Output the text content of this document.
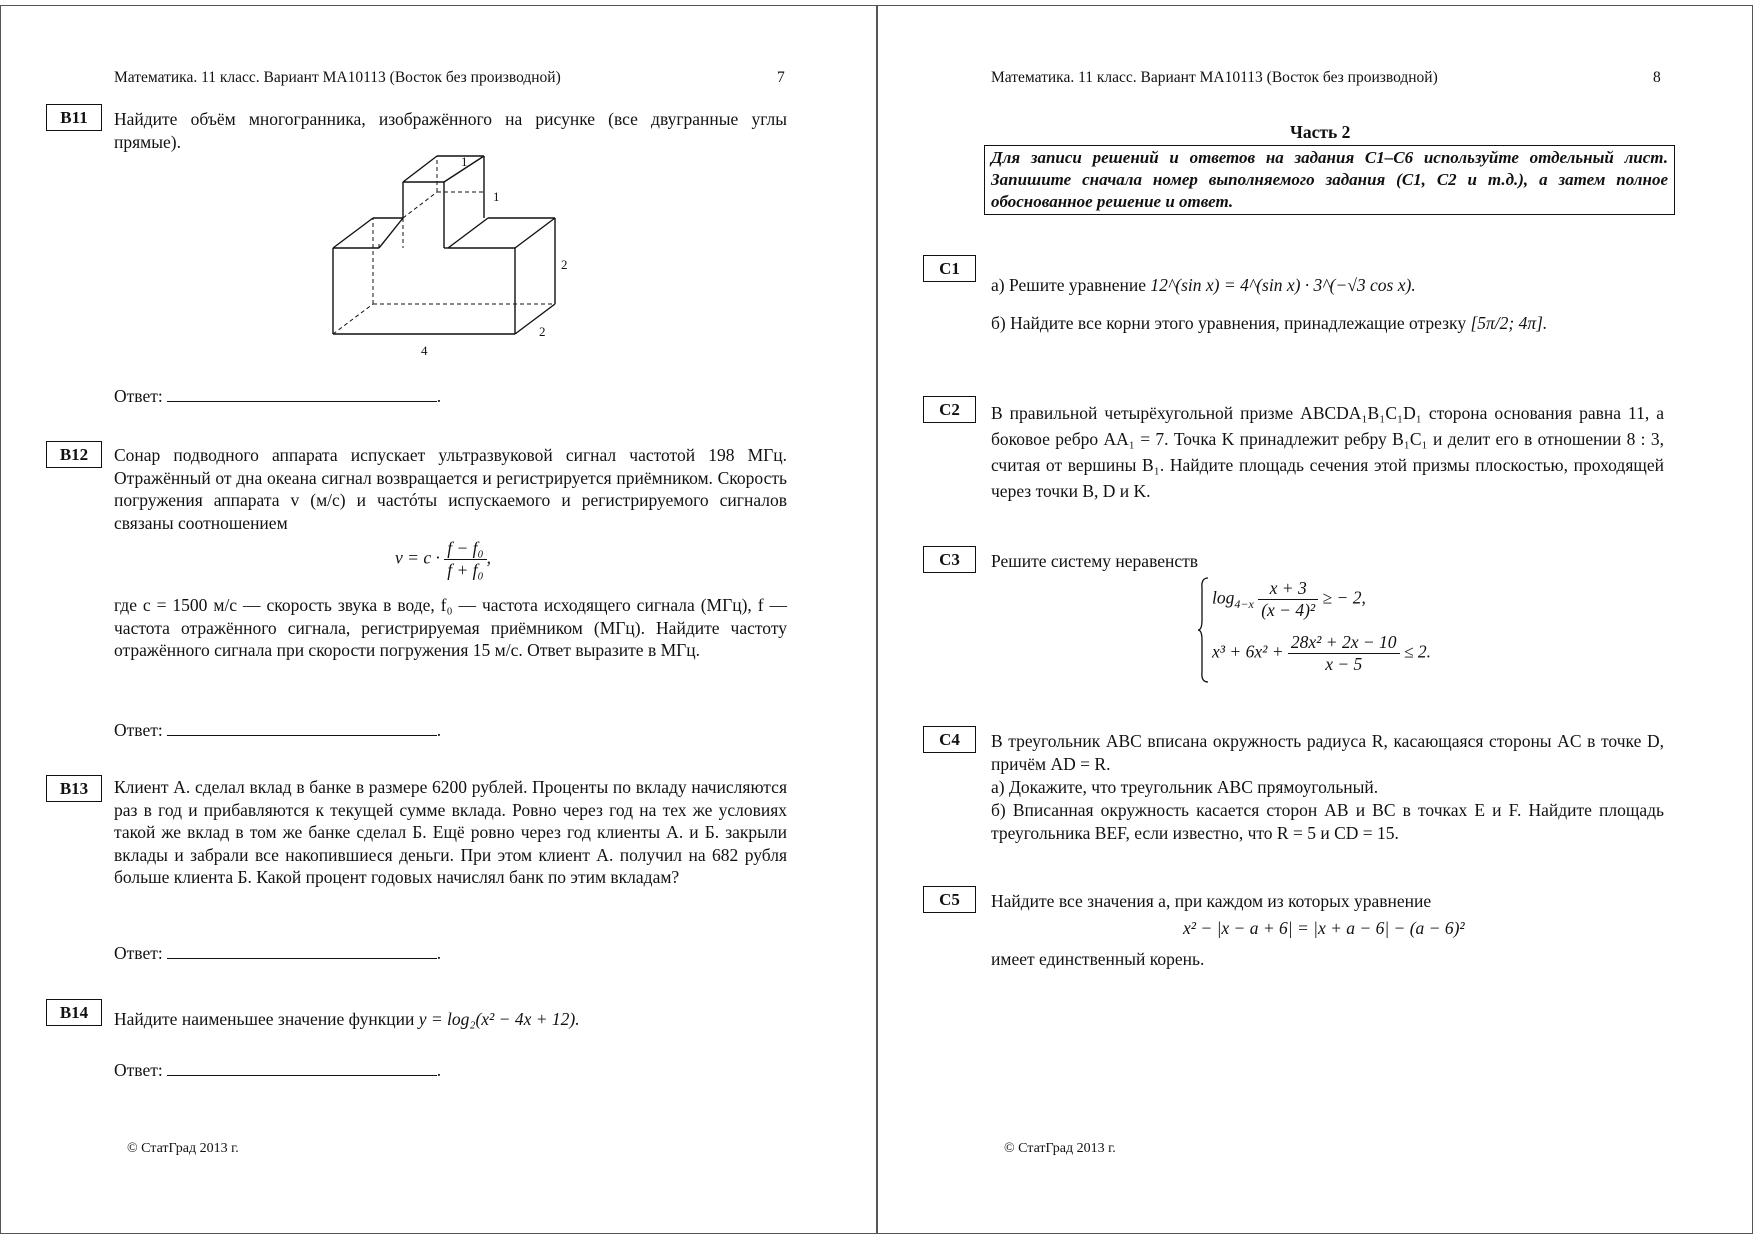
Математика. 11 класс. Вариант МА10113 (Восток без производной)	7
В11	Найдите объём многогранника, изображённого на рисунке (все двугранные углы прямые).
1
1
2
2
4
Ответ:	.
В12	Сонар подводного аппарата испускает ультразвуковой сигнал частотой 198 МГц. Отражённый от дна океана сигнал возвращается и регистрируется приёмником. Скорость погружения аппарата v (м/с) и частóты испускаемого и регистрируемого сигналов связаны соотношением
$v = c \cdot \frac{\text{f − f₀}}{\text{f + f₀}}$ ,
где c = 1500 м/с — скорость звука в воде, f₀ — частота исходящего сигнала (МГц), f — частота отражённого сигнала, регистрируемая приёмником (МГц). Найдите частоту отражённого сигнала при скорости погружения 15 м/с. Ответ выразите в МГц.
Ответ:	.
В13	Клиент А. сделал вклад в банке в размере 6200 рублей. Проценты по вкладу начисляются раз в год и прибавляются к текущей сумме вклада. Ровно через год на тех же условиях такой же вклад в том же банке сделал Б. Ещё ровно через год клиенты А. и Б. закрыли вклады и забрали все накопившиеся деньги. При этом клиент А. получил на 682 рубля больше клиента Б. Какой процент годовых начислял банк по этим вкладам?
Ответ:	.
В14	Найдите наименьшее значение функции y = log₂(x² − 4x + 12).
Ответ:	.
© СтатГрад 2013 г.
Математика. 11 класс. Вариант МА10113 (Восток без производной)	8
Часть 2
Для записи решений и ответов на задания С1–С6 используйте отдельный лист. Запишите сначала номер выполняемого задания (С1, С2 и т.д.), а затем полное обоснованное решение и ответ.
С1
а) Решите уравнение 12^(sin x) = 4^(sin x) · 3^(−√3 cos x).
б) Найдите все корни этого уравнения, принадлежащие отрезку [5π/2; 4π].
С2	В правильной четырёхугольной призме ABCDA₁B₁C₁D₁ сторона основания равна 11, а боковое ребро AA₁ = 7. Точка K принадлежит ребру B₁C₁ и делит его в отношении 8 : 3, считая от вершины B₁. Найдите площадь сечения этой призмы плоскостью, проходящей через точки B, D и K.
С3	Решите систему неравенств
$\log_{4-x} \frac{x + 3}{\text{(x − 4)²}}$ ≥ − 2,
$x^3 + 6x^2 + \frac{\text{28x² + 2x − 10}}{x - 5} \le 2$.
С4	В треугольник ABC вписана окружность радиуса R, касающаяся стороны AC в точке D, причём AD = R.
а) Докажите, что треугольник ABC прямоугольный.
б) Вписанная окружность касается сторон AB и BC в точках E и F. Найдите площадь треугольника BEF, если известно, что R = 5 и CD = 15.
С5	Найдите все значения a, при каждом из которых уравнение
x² − |x − a + 6| = |x + a − 6| − (a − 6)²
имеет единственный корень.
© СтатГрад 2013 г.
